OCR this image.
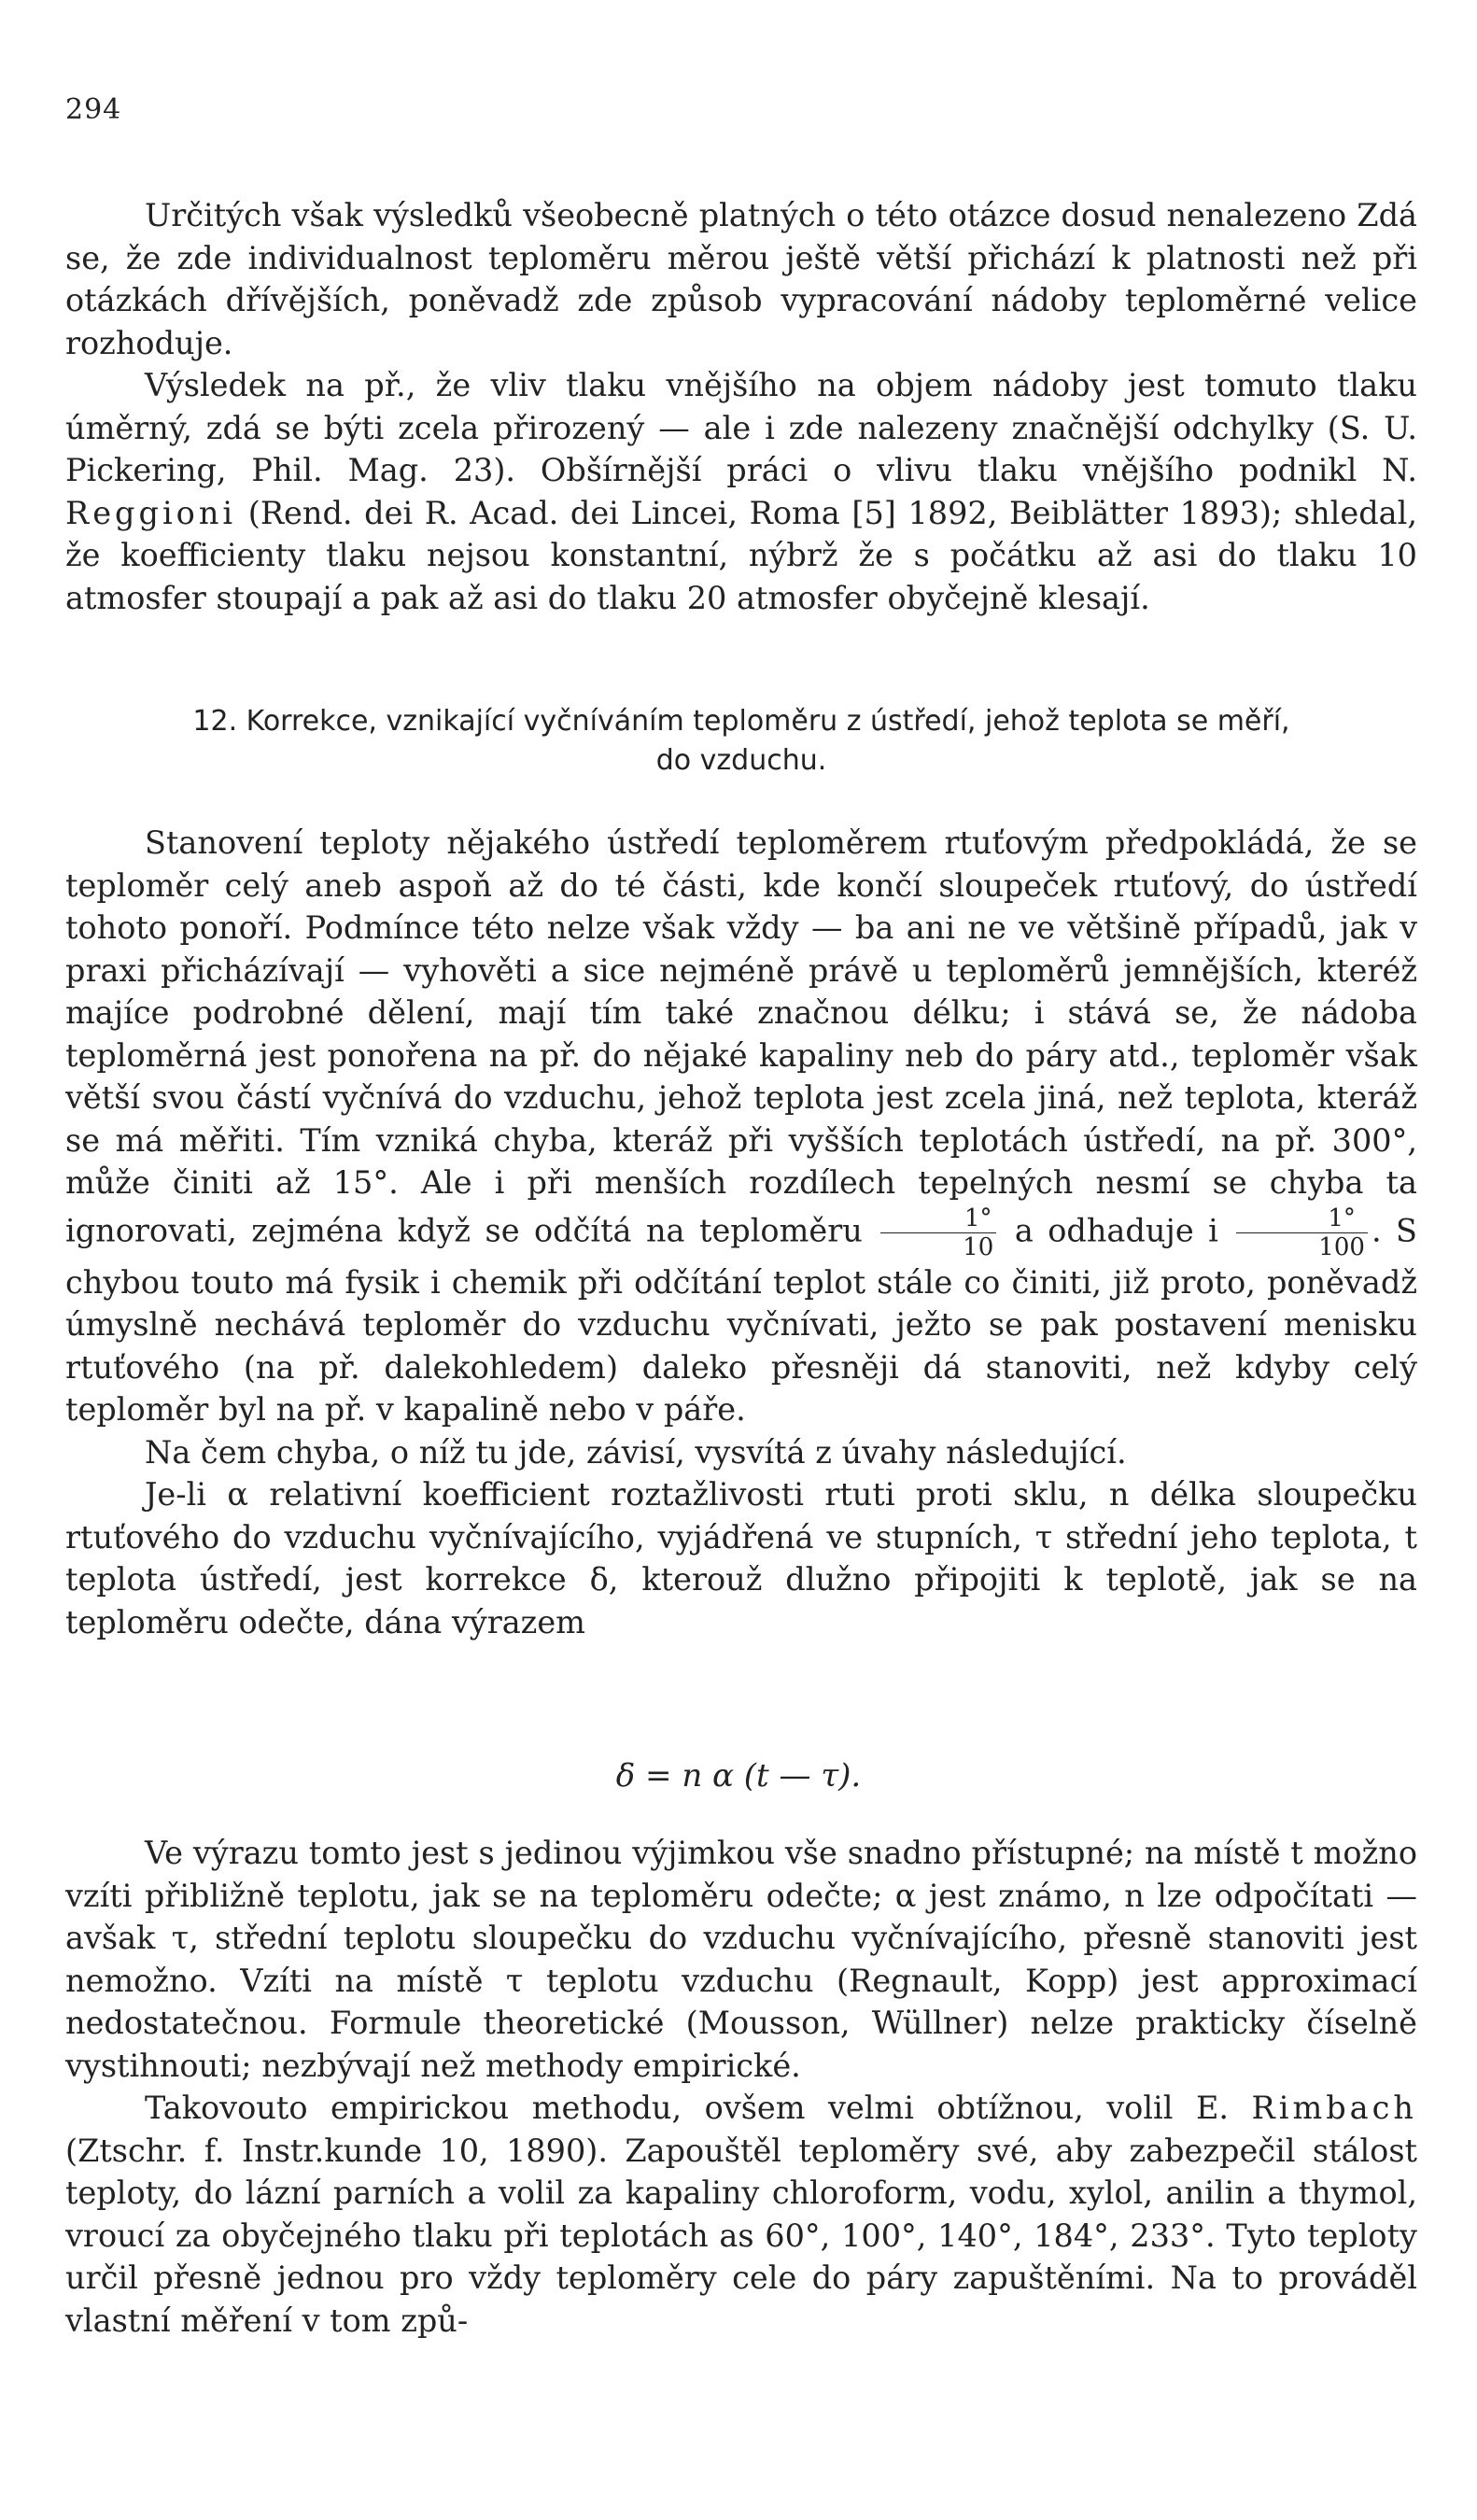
294

Určitých však výsledků všeobecně platných o této otázce dosud nenalezeno Zdá se, že zde individualnost teploměru měrou ještě větší přichází k platnosti než při otázkách dřívějších, poněvadž zde způsob vypracování nádoby teploměrné velice rozhoduje.

Výsledek na př., že vliv tlaku vnějšího na objem nádoby jest tomuto tlaku úměrný, zdá se býti zcela přirozený — ale i zde nalezeny značnější odchylky (S. U. Pickering, Phil. Mag. 23). Obšírnější práci o vlivu tlaku vnějšího podnikl N. Reggioni (Rend. dei R. Acad. dei Lincei, Roma [5] 1892, Beiblätter 1893); shledal, že koefficienty tlaku nejsou konstantní, nýbrž že s počátku až asi do tlaku 10 atmosfer stoupají a pak až asi do tlaku 20 atmosfer obyčejně klesají.

12. Korrekce, vznikající vyčníváním teploměru z ústředí, jehož teplota se měří,
do vzduchu.

Stanovení teploty nějakého ústředí teploměrem rtuťovým předpokládá, že se teploměr celý aneb aspoň až do té části, kde končí sloupeček rtuťový, do ústředí tohoto ponoří. Podmínce této nelze však vždy — ba ani ne ve většině případů, jak v praxi přicházívají — vyhověti a sice nejméně právě u teploměrů jemnějších, kteréž majíce podrobné dělení, mají tím také značnou délku; i stává se, že nádoba teploměrná jest ponořena na př. do nějaké kapaliny neb do páry atd., teploměr však větší svou částí vyčnívá do vzduchu, jehož teplota jest zcela jiná, než teplota, kteráž se má měřiti. Tím vzniká chyba, kteráž při vyšších teplotách ústředí, na př. 300°, může činiti až 15°. Ale i při menších rozdílech tepelných nesmí se chyba ta ignorovati, zejména když se odčítá na teploměru $\frac{1^\circ}{10}$ a odhaduje i $\frac{1^\circ}{100}$ . S chybou touto má fysik i chemik při odčítání teplot stále co činiti, již proto, poněvadž úmyslně nechává teploměr do vzduchu vyčnívati, ježto se pak postavení menisku rtuťového (na př. dalekohledem) daleko přesněji dá stanoviti, než kdyby celý teploměr byl na př. v kapalině nebo v páře.

Na čem chyba, o níž tu jde, závisí, vysvítá z úvahy následující.

Je-li α relativní koefficient roztažlivosti rtuti proti sklu, n délka sloupečku rtuťového do vzduchu vyčnívajícího, vyjádřená ve stupních, τ střední jeho teplota, t teplota ústředí, jest korrekce δ, kterouž dlužno připojiti k teplotě, jak se na teploměru odečte, dána výrazem

δ = n α (t — τ).

Ve výrazu tomto jest s jedinou výjimkou vše snadno přístupné; na místě t možno vzíti přibližně teplotu, jak se na teploměru odečte; α jest známo, n lze odpočítati — avšak τ, střední teplotu sloupečku do vzduchu vyčnívajícího, přesně stanoviti jest nemožno. Vzíti na místě τ teplotu vzduchu (Regnault, Kopp) jest approximací nedostatečnou. Formule theoretické (Mousson, Wüllner) nelze prakticky číselně vystihnouti; nezbývají než methody empirické.

Takovouto empirickou methodu, ovšem velmi obtížnou, volil E. Rimbach (Ztschr. f. Instr.kunde 10, 1890). Zapouštěl teploměry své, aby zabezpečil stálost teploty, do lázní parních a volil za kapaliny chloroform, vodu, xylol, anilin a thymol, vroucí za obyčejného tlaku při teplotách as 60°, 100°, 140°, 184°, 233°. Tyto teploty určil přesně jednou pro vždy teploměry cele do páry zapuštěními. Na to prováděl vlastní měření v tom způ-
